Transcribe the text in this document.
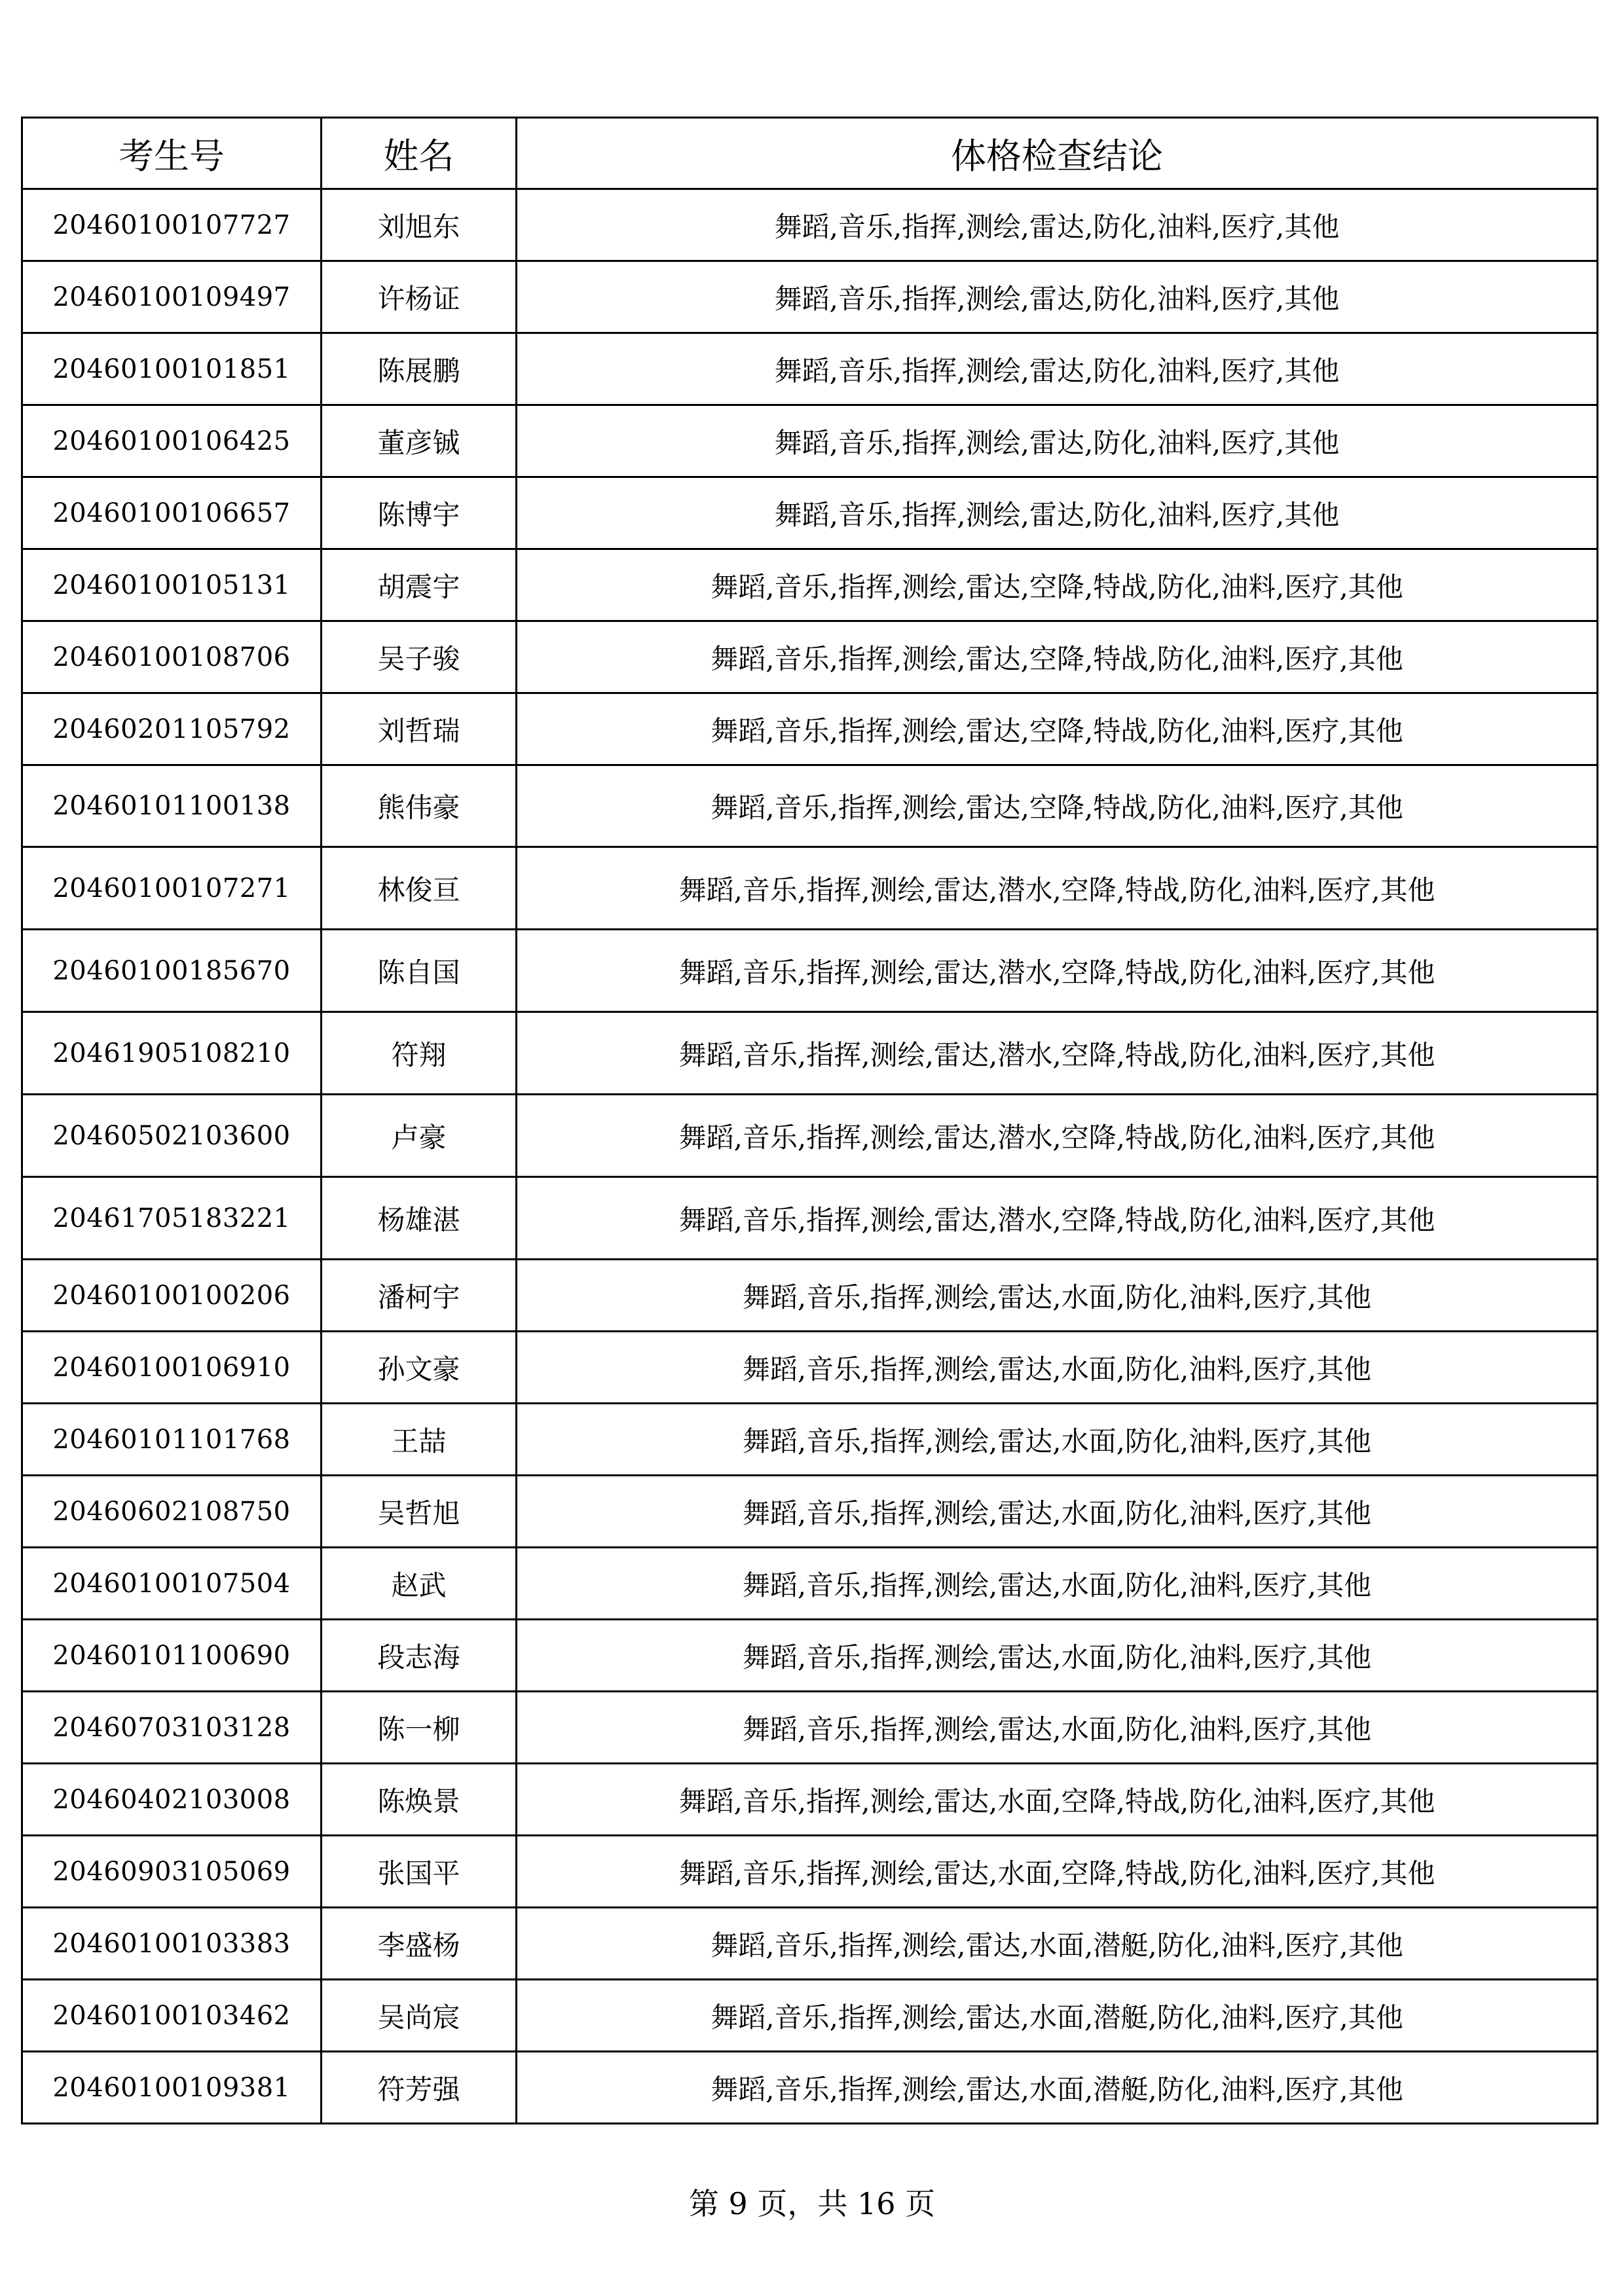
考生号	姓名	体格检查结论
20460100107727	刘旭东	舞蹈,音乐,指挥,测绘,雷达,防化,油料,医疗,其他
20460100109497	许杨证	舞蹈,音乐,指挥,测绘,雷达,防化,油料,医疗,其他
20460100101851	陈展鹏	舞蹈,音乐,指挥,测绘,雷达,防化,油料,医疗,其他
20460100106425	董彦铖	舞蹈,音乐,指挥,测绘,雷达,防化,油料,医疗,其他
20460100106657	陈博宇	舞蹈,音乐,指挥,测绘,雷达,防化,油料,医疗,其他
20460100105131	胡震宇	舞蹈,音乐,指挥,测绘,雷达,空降,特战,防化,油料,医疗,其他
20460100108706	吴子骏	舞蹈,音乐,指挥,测绘,雷达,空降,特战,防化,油料,医疗,其他
20460201105792	刘哲瑞	舞蹈,音乐,指挥,测绘,雷达,空降,特战,防化,油料,医疗,其他
20460101100138	熊伟豪	舞蹈,音乐,指挥,测绘,雷达,空降,特战,防化,油料,医疗,其他
20460100107271	林俊亘	舞蹈,音乐,指挥,测绘,雷达,潜水,空降,特战,防化,油料,医疗,其他
20460100185670	陈自国	舞蹈,音乐,指挥,测绘,雷达,潜水,空降,特战,防化,油料,医疗,其他
20461905108210	符翔	舞蹈,音乐,指挥,测绘,雷达,潜水,空降,特战,防化,油料,医疗,其他
20460502103600	卢豪	舞蹈,音乐,指挥,测绘,雷达,潜水,空降,特战,防化,油料,医疗,其他
20461705183221	杨雄湛	舞蹈,音乐,指挥,测绘,雷达,潜水,空降,特战,防化,油料,医疗,其他
20460100100206	潘柯宇	舞蹈,音乐,指挥,测绘,雷达,水面,防化,油料,医疗,其他
20460100106910	孙文豪	舞蹈,音乐,指挥,测绘,雷达,水面,防化,油料,医疗,其他
20460101101768	王喆	舞蹈,音乐,指挥,测绘,雷达,水面,防化,油料,医疗,其他
20460602108750	吴哲旭	舞蹈,音乐,指挥,测绘,雷达,水面,防化,油料,医疗,其他
20460100107504	赵武	舞蹈,音乐,指挥,测绘,雷达,水面,防化,油料,医疗,其他
20460101100690	段志海	舞蹈,音乐,指挥,测绘,雷达,水面,防化,油料,医疗,其他
20460703103128	陈一柳	舞蹈,音乐,指挥,测绘,雷达,水面,防化,油料,医疗,其他
20460402103008	陈焕景	舞蹈,音乐,指挥,测绘,雷达,水面,空降,特战,防化,油料,医疗,其他
20460903105069	张国平	舞蹈,音乐,指挥,测绘,雷达,水面,空降,特战,防化,油料,医疗,其他
20460100103383	李盛杨	舞蹈,音乐,指挥,测绘,雷达,水面,潜艇,防化,油料,医疗,其他
20460100103462	吴尚宸	舞蹈,音乐,指挥,测绘,雷达,水面,潜艇,防化,油料,医疗,其他
20460100109381	符芳强	舞蹈,音乐,指挥,测绘,雷达,水面,潜艇,防化,油料,医疗,其他
第 9 页，共 16 页
